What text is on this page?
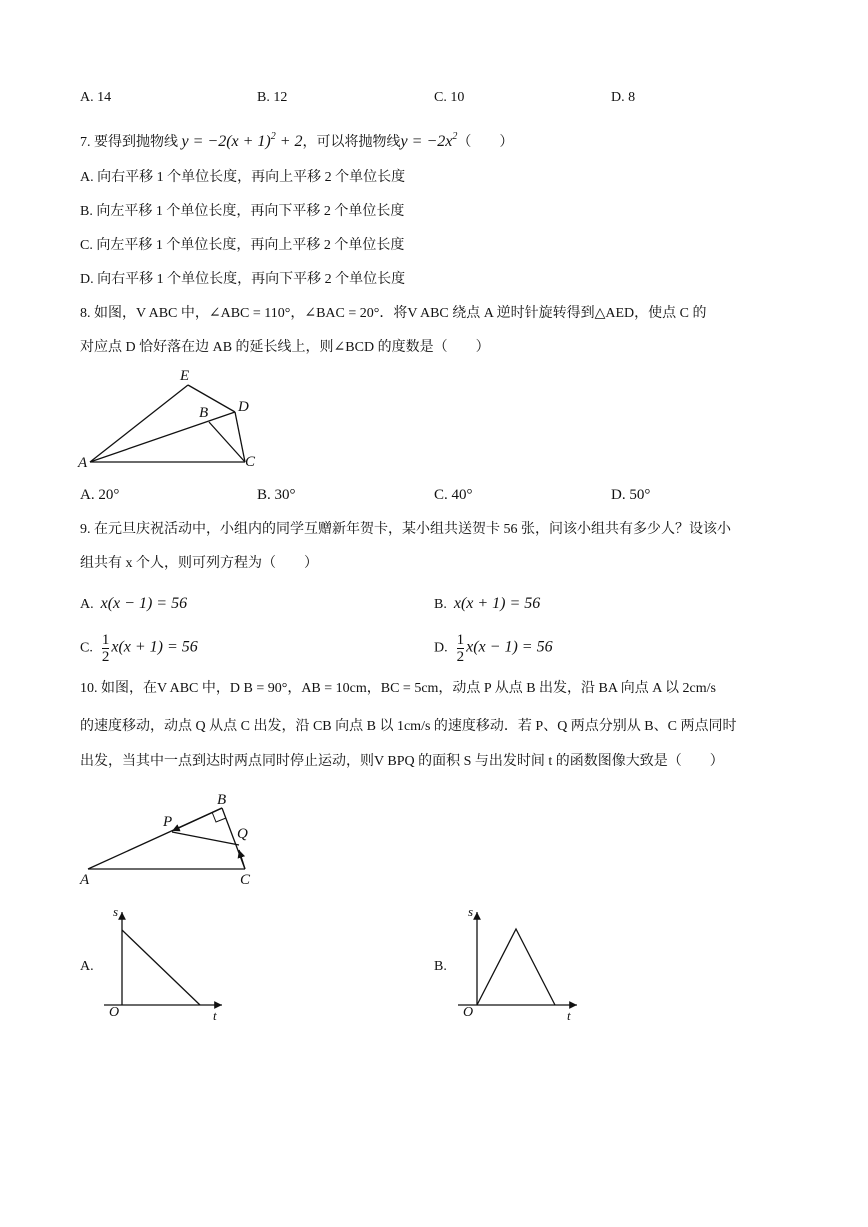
A. 14	B. 12	C. 10	D. 8
7. 要得到抛物线 $y = -2(x + 1)^2 + 2$，可以将抛物线$y = -2x^2$（　　）
A. 向右平移 1 个单位长度，再向上平移 2 个单位长度
B. 向左平移 1 个单位长度，再向下平移 2 个单位长度
C. 向左平移 1 个单位长度，再向上平移 2 个单位长度
D. 向右平移 1 个单位长度，再向下平移 2 个单位长度
8. 如图，V ABC 中，∠ABC = 110°，∠BAC = 20°．将V ABC 绕点 A 逆时针旋转得到△AED，使点 C 的
对应点 D 恰好落在边 AB 的延长线上，则∠BCD 的度数是（　　）
E
B D
A	C
A. 20°	B. 30°	C. 40°	D. 50°
9. 在元旦庆祝活动中，小组内的同学互赠新年贺卡，某小组共送贺卡 56 张，问该小组共有多少人？设该小
组共有 x 个人，则可列方程为（　　）
A. x(x − 1) = 56	B. x(x + 1) = 56
C. $\frac{1}{2} x(x + 1) = 56$	D. $\frac{1}{2} x(x - 1) = 56$
10. 如图，在V ABC 中，D B = 90°，AB = 10cm，BC = 5cm，动点 P 从点 B 出发，沿 BA 向点 A 以 2cm/s
的速度移动，动点 Q 从点 C 出发，沿 CB 向点 B 以 1cm/s 的速度移动．若 P、Q 两点分别从 B、C 两点同时
出发，当其中一点到达时两点同时停止运动，则V BPQ 的面积 S 与出发时间 t 的函数图像大致是（　　）
B
P
Q
A	C
A.
s
t
O
B.
s
t
O
